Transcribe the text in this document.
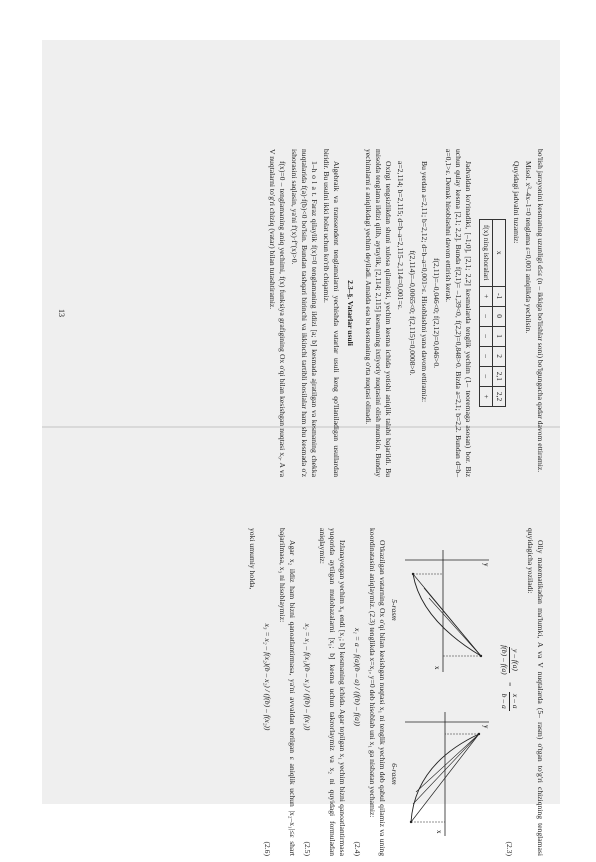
bo'lish jarayonini kesmaning uzunligi d≤ε (n – ikkiga bo'lishlar soni) bo'lgungacha qadar davom ettiramiz.

Misol. x³–4x–1=0 tenglama ε=0,001 aniqlikda yechilsin.

Quyidagi jadvalni tuzamiz:

x	-1	0	1	2	2,1	2,2
f(x) ning ishoralari	+	–	–	–	–	+

Jadvaldan ko'rinadiki, [–1;0], [2,1; 2,2] kesmalarda tenglik yechim (1– teoremaga asosan) bor. Biz uchun qulay kesma [2,1; 2,2]. Bunda f(2,1)= –1,39<0, f(2,2)=0,848>0. Bizda a=2,1; b=2,2. Bundan d=b–a=0,1>ε. Demak hisoblashni davom ettirish kerak.

f(2,11)=–0,046<0; f(2,12)=0,046>0.

Bu yerdan a=2,11; b=2,12; d=b–a=0,001>ε. Hisoblashni yana davom ettiramiz:

f(2,114)=–0,0065<0; f(2,115)=0,0008>0.

a=2,114; b=2,115; d=b–a=2,115–2,114=0,001=ε.

Oxirgi tengsizlikdan shuni xulosa qilamizki, yechim kesma ichida yotishi aniqlik talabi bajarildi. Bu misolda tenglama ildizi qilib, aytaylik, [2,114; 2,115] kesmaning ixtiyoriy nuqtasini olish mumkin. Bunday yechimlarni ε aniqlikdagi yechim deyiladi. Amalda esa bu kesmaning o'rta nuqtasi olinadi.

2.3–§. Vatarlar usuli

Algebraik va transsendent tenglamalarni yechishda vatarlar usuli keng qo'llaniladigan usullardan biridir. Bu usulni ikki holat uchun ko'rib chiqamiz.

1–h o l a t. Faraz qilaylik f(x)=0 tenglamaning ildizi [a; b] kesmada ajratilgan va kesmaning chekka nuqtalarida f(a)·f(b)<0 bo'lsin. Bundan tashqari birinchi va ikkinchi tartibli hosilalar ham shu kesmada o'z ishorasini saqlasin, ya'ni f'(x)·f''(x)>0.

f(x)=0 – tenglamaning aniq yechimi, f(x) funksiya grafigining Ox o'qi bilan kesishgan nuqtasi x₀. A va V nuqtalarni to'g'ri chiziq (vatar) bilan tutashtiramiz.

13

Oliy matematikadan ma'lumki, A va V nuqtalarda (5– rasm) o'tgan to'g'ri chiziqning tenglamasi quyidagicha yoziladi:

y – f(a)
f(b) – f(a)
=
x – a
b – a
(2.3)
x
y
5-rasm
x
y
6-rasm

O'tkazilgan vatarning Ox o'qi bilan kesishgan nuqtasi x₁ ni tenglik yechim deb qabul qilamiz va uning koordinatasini aniqlaymiz. (2.3) tenglikda x=x₁, y=0 deb hisoblab uni x₁ ga nisbatan yechamiz:

x₁ = a – f(a)(b – a) / (f(b) – f(a))
(2.4)

Izlanayotgan yechim x₀ endi [x₁; b] kesmaning ichida. Agar topilgan x₁ yechim bizni qanoatlantirmasa yuqorida aytilgan mulohazalarni [x₁; b] kesma uchun takrorlaymiz va x₂ ni quyidagi formuladan aniqlaymiz:

x₂ = x₁ – f(x₁)(b – x₁) / (f(b) – f(x₁))
(2.5)

Agar x₂ ildiz ham bizni qanoatlantirmasa, ya'ni avvaldan berilgan ε aniqlik uchun |x₂–x₁|≤ε shart bajarilmasa, x₃ ni hisoblaymiz:

x₃ = x₂ – f(x₂)(b – x₂) / (f(b) – f(x₂))
(2.6)

yoki umumiy holda,
